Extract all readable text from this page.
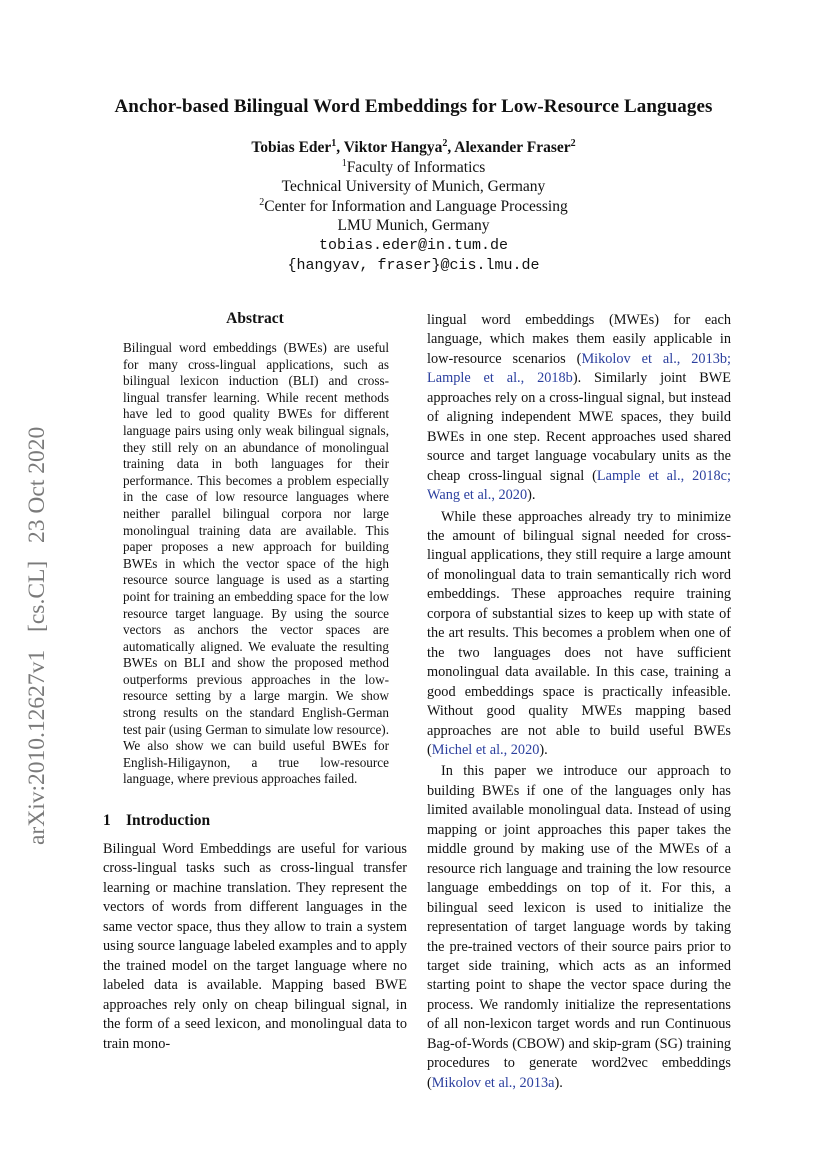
arXiv:2010.12627v1 [cs.CL] 23 Oct 2020
Anchor-based Bilingual Word Embeddings for Low-Resource Languages
Tobias Eder$^1$, Viktor Hangya$^2$, Alexander Fraser$^2$
$^1$Faculty of Informatics
Technical University of Munich, Germany
$^2$Center for Information and Language Processing
LMU Munich, Germany
tobias.eder@in.tum.de
{hangyav, fraser}@cis.lmu.de
Abstract

Bilingual word embeddings (BWEs) are useful for many cross-lingual applications, such as bilingual lexicon induction (BLI) and cross-lingual transfer learning. While recent methods have led to good quality BWEs for different language pairs using only weak bilingual signals, they still rely on an abundance of monolingual training data in both languages for their performance. This becomes a problem especially in the case of low resource languages where neither parallel bilingual corpora nor large monolingual training data are available. This paper proposes a new approach for building BWEs in which the vector space of the high resource source language is used as a starting point for training an embedding space for the low resource target language. By using the source vectors as anchors the vector spaces are automatically aligned. We evaluate the resulting BWEs on BLI and show the proposed method outperforms previous approaches in the low-resource setting by a large margin. We show strong results on the standard English-German test pair (using German to simulate low resource). We also show we can build useful BWEs for English-Hiligaynon, a true low-resource language, where previous approaches failed.

1 Introduction

Bilingual Word Embeddings are useful for various cross-lingual tasks such as cross-lingual transfer learning or machine translation. They represent the vectors of words from different languages in the same vector space, thus they allow to train a system using source language labeled examples and to apply the trained model on the target language where no labeled data is available. Mapping based BWE approaches rely only on cheap bilingual signal, in the form of a seed lexicon, and monolingual data to train mono-

lingual word embeddings (MWEs) for each language, which makes them easily applicable in low-resource scenarios (Mikolov et al., 2013b; Lample et al., 2018b). Similarly joint BWE approaches rely on a cross-lingual signal, but instead of aligning independent MWE spaces, they build BWEs in one step. Recent approaches used shared source and target language vocabulary units as the cheap cross-lingual signal (Lample et al., 2018c; Wang et al., 2020).

While these approaches already try to minimize the amount of bilingual signal needed for cross-lingual applications, they still require a large amount of monolingual data to train semantically rich word embeddings. These approaches require training corpora of substantial sizes to keep up with state of the art results. This becomes a problem when one of the two languages does not have sufficient monolingual data available. In this case, training a good embeddings space is practically infeasible. Without good quality MWEs mapping based approaches are not able to build useful BWEs (Michel et al., 2020).

In this paper we introduce our approach to building BWEs if one of the languages only has limited available monolingual data. Instead of using mapping or joint approaches this paper takes the middle ground by making use of the MWEs of a resource rich language and training the low resource language embeddings on top of it. For this, a bilingual seed lexicon is used to initialize the representation of target language words by taking the pre-trained vectors of their source pairs prior to target side training, which acts as an informed starting point to shape the vector space during the process. We randomly initialize the representations of all non-lexicon target words and run Continuous Bag-of-Words (CBOW) and skip-gram (SG) training procedures to generate word2vec embeddings (Mikolov et al., 2013a).
